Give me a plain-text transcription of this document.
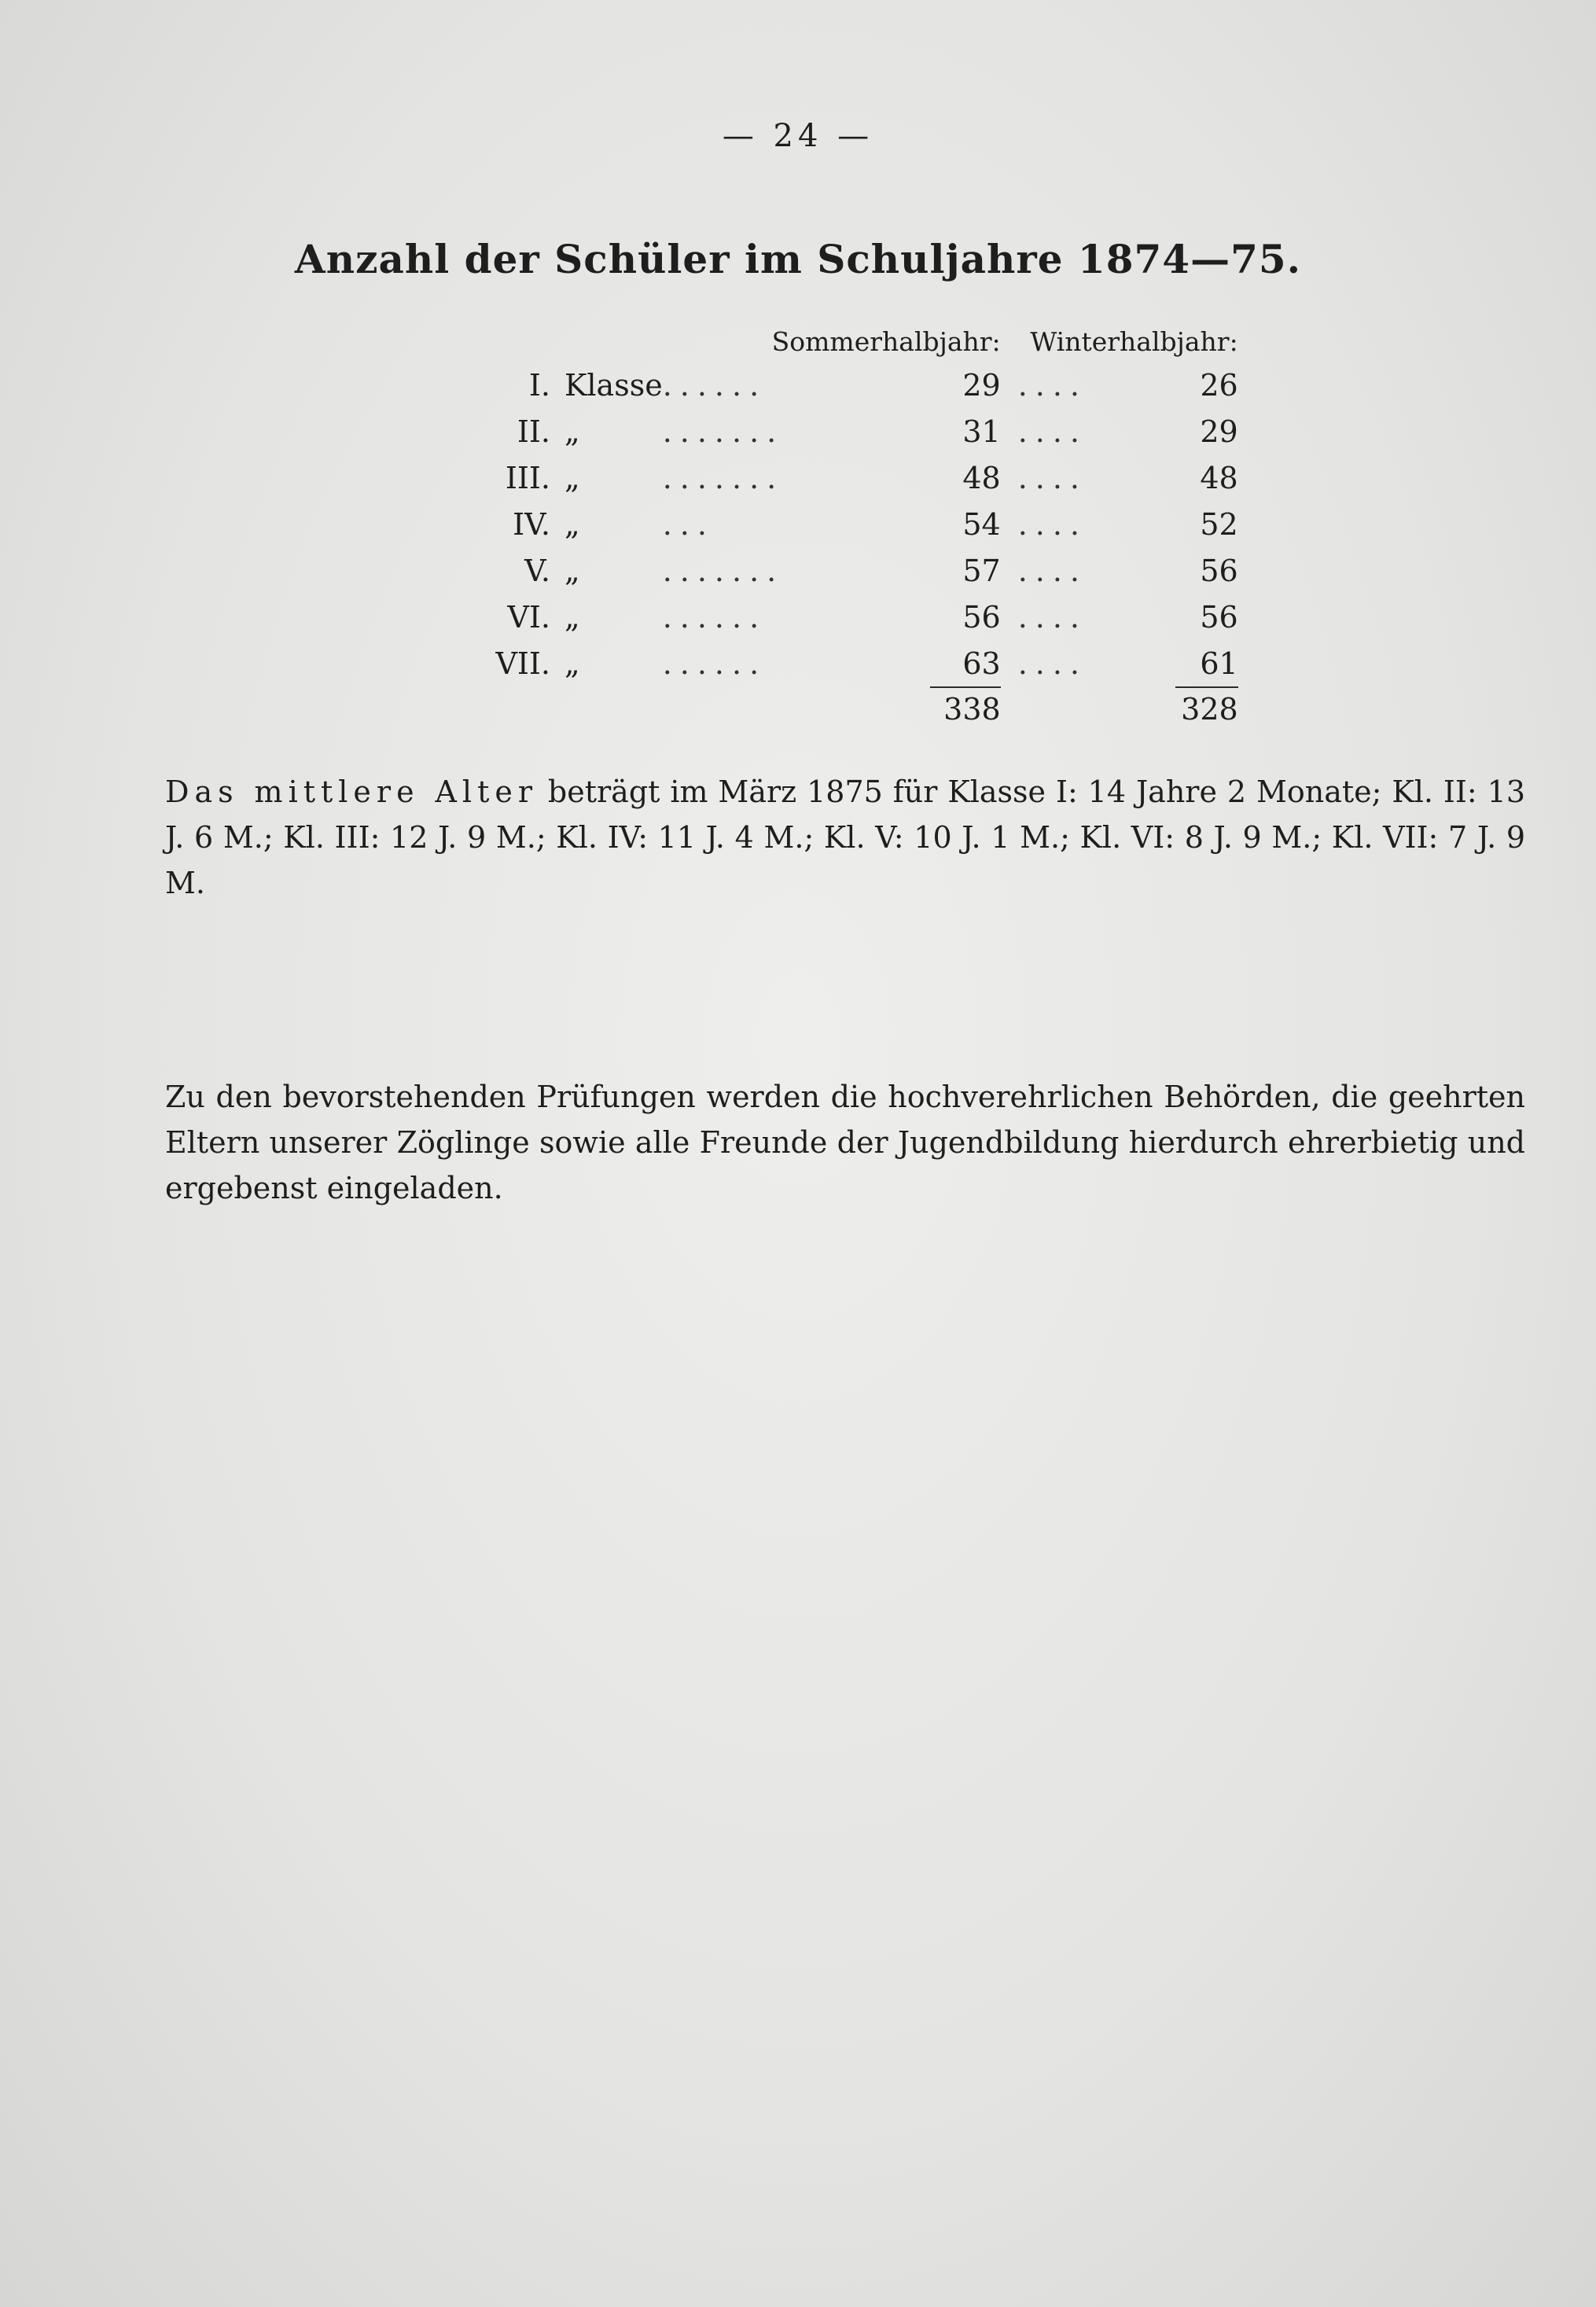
— 24 —
Anzahl der Schüler im Schuljahre 1874—75.
Sommerhalbjahr:				Winterhalbjahr:	
I.	Klasse	......	29	....	26
II.	„	.......	31	....	29
III.	„	.......	48	....	48
IV.	„	...	54	....	52
V.	„	.......	57	....	56
VI.	„	......	56	....	56
VII.	„	......	63	....	61
			338		328

Das mittlere Alter beträgt im März 1875 für Klasse I: 14 Jahre 2 Monate; Kl. II: 13 J. 6 M.; Kl. III: 12 J. 9 M.; Kl. IV: 11 J. 4 M.; Kl. V: 10 J. 1 M.; Kl. VI: 8 J. 9 M.; Kl. VII: 7 J. 9 M.

Zu den bevorstehenden Prüfungen werden die hochverehrlichen Behörden, die geehrten Eltern unserer Zöglinge sowie alle Freunde der Jugendbildung hierdurch ehrerbietig und ergebenst eingeladen.
